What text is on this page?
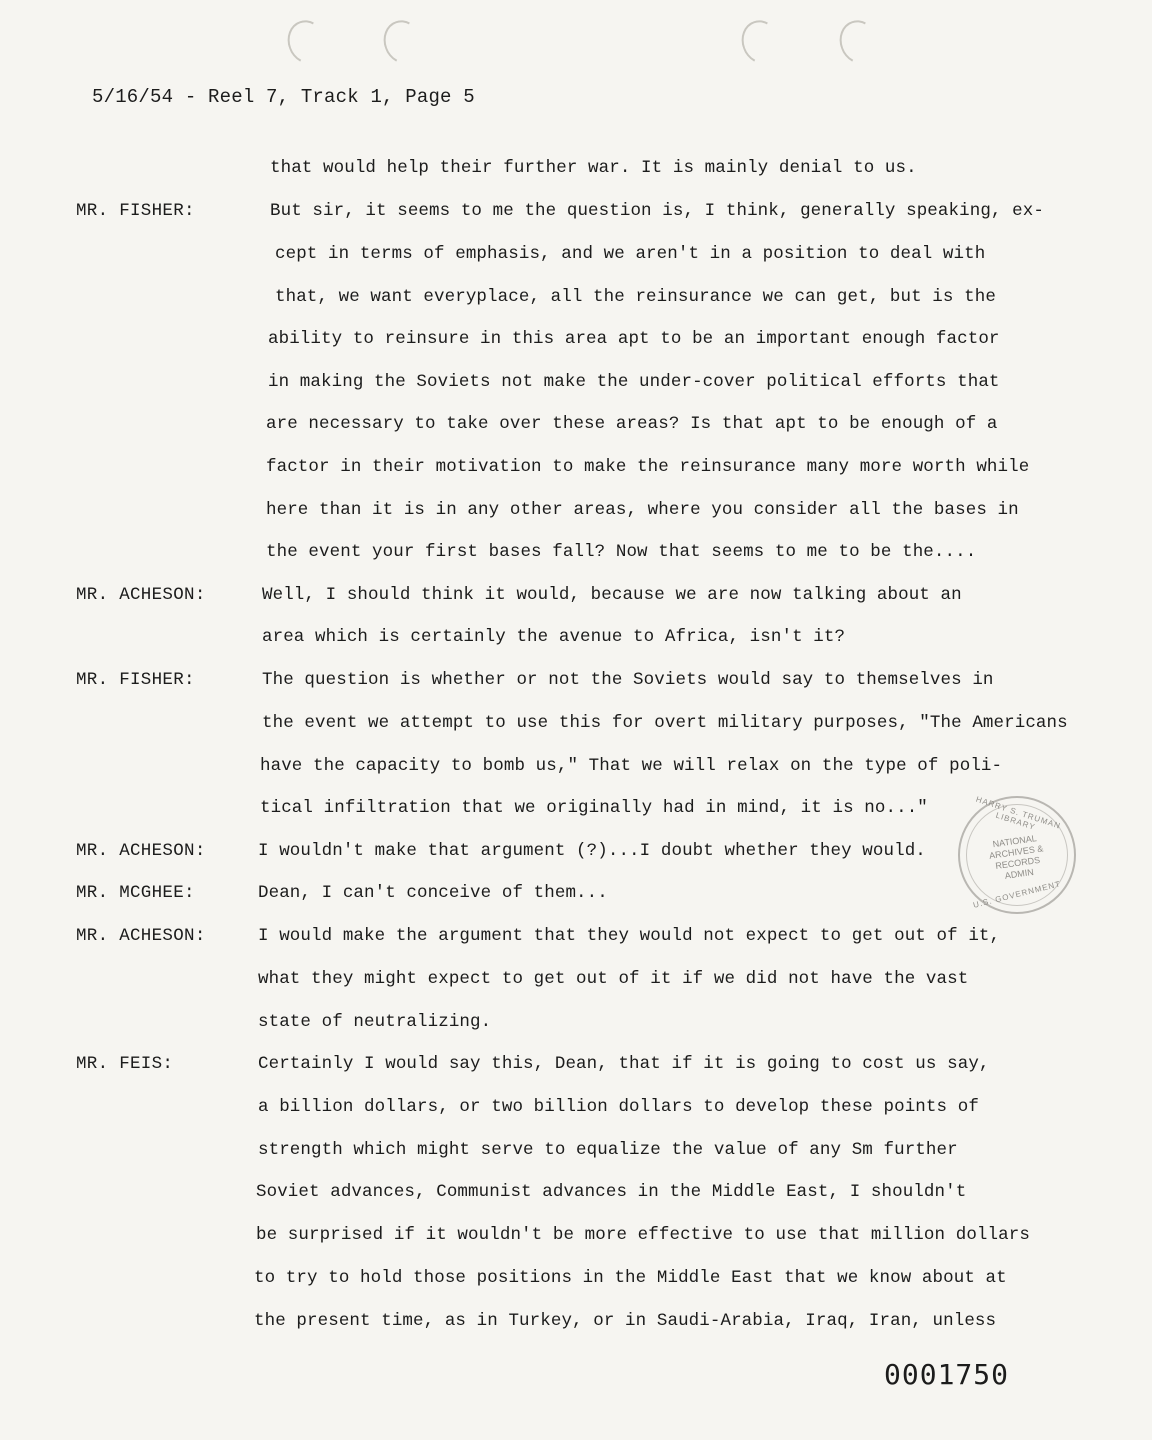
5/16/54 - Reel 7, Track 1, Page 5
that would help their further war. It is mainly denial to us.
MR. FISHER:	But sir, it seems to me the question is, I think, generally speaking, ex-
cept in terms of emphasis, and we aren't in a position to deal with
that, we want everyplace, all the reinsurance we can get, but is the
ability to reinsure in this area apt to be an important enough factor
in making the Soviets not make the under-cover political efforts that
are necessary to take over these areas? Is that apt to be enough of a
factor in their motivation to make the reinsurance many more worth while
here than it is in any other areas, where you consider all the bases in
the event your first bases fall? Now that seems to me to be the....
MR. ACHESON:	Well, I should think it would, because we are now talking about an
area which is certainly the avenue to Africa, isn't it?
MR. FISHER:	The question is whether or not the Soviets would say to themselves in
the event we attempt to use this for overt military purposes, "The Americans
have the capacity to bomb us," That we will relax on the type of poli-
tical infiltration that we originally had in mind, it is no..."
MR. ACHESON:	I wouldn't make that argument (?)...I doubt whether they would.
MR. MCGHEE:	Dean, I can't conceive of them...
MR. ACHESON:	I would make the argument that they would not expect to get out of it,
what they might expect to get out of it if we did not have the vast
state of neutralizing.
MR. FEIS:	Certainly I would say this, Dean, that if it is going to cost us say,
a billion dollars, or two billion dollars to develop these points of
strength which might serve to equalize the value of any Sm further
Soviet advances, Communist advances in the Middle East, I shouldn't
be surprised if it wouldn't be more effective to use that million dollars
to try to hold those positions in the Middle East that we know about at
the present time, as in Turkey, or in Saudi-Arabia, Iraq, Iran, unless
HARRY S. TRUMAN LIBRARY
NATIONAL
ARCHIVES &
RECORDS
ADMIN
U.S. GOVERNMENT
0001750
